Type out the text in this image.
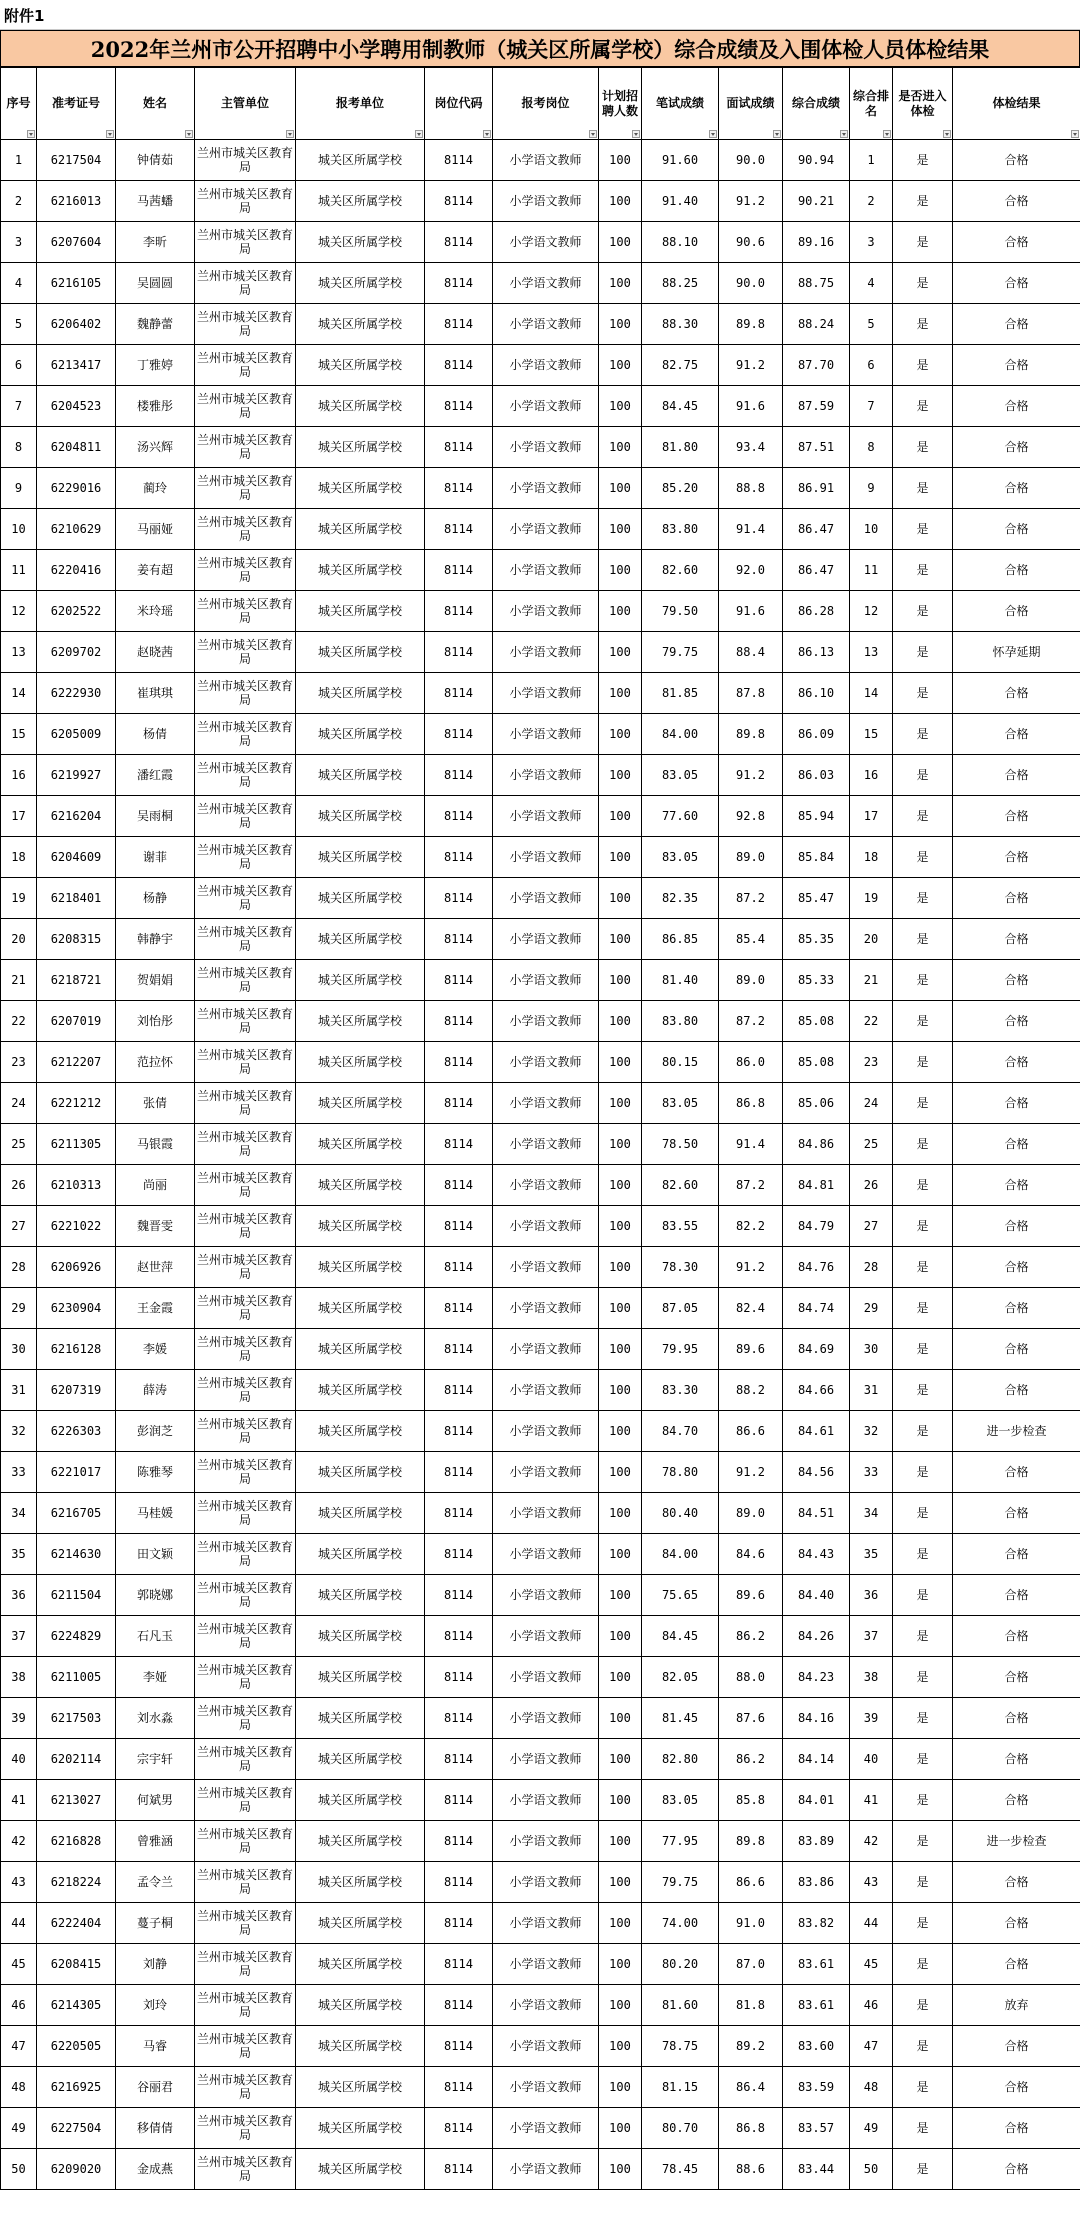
附件1
2022年兰州市公开招聘中小学聘用制教师（城关区所属学校）综合成绩及入围体检人员体检结果
序号	准考证号	姓名	主管单位	报考单位	岗位代码	报考岗位	计划招聘人数	笔试成绩	面试成绩	综合成绩	综合排名	是否进入体检	体检结果

1	6217504	钟倩茹	兰州市城关区教育局	城关区所属学校	8114	小学语文教师	100	91.60	90.0	90.94	1	是	合格
2	6216013	马茜蟠	兰州市城关区教育局	城关区所属学校	8114	小学语文教师	100	91.40	91.2	90.21	2	是	合格
3	6207604	李昕	兰州市城关区教育局	城关区所属学校	8114	小学语文教师	100	88.10	90.6	89.16	3	是	合格
4	6216105	吴圆圆	兰州市城关区教育局	城关区所属学校	8114	小学语文教师	100	88.25	90.0	88.75	4	是	合格
5	6206402	魏静蕾	兰州市城关区教育局	城关区所属学校	8114	小学语文教师	100	88.30	89.8	88.24	5	是	合格
6	6213417	丁雅婷	兰州市城关区教育局	城关区所属学校	8114	小学语文教师	100	82.75	91.2	87.70	6	是	合格
7	6204523	楼雅彤	兰州市城关区教育局	城关区所属学校	8114	小学语文教师	100	84.45	91.6	87.59	7	是	合格
8	6204811	汤兴辉	兰州市城关区教育局	城关区所属学校	8114	小学语文教师	100	81.80	93.4	87.51	8	是	合格
9	6229016	蔺玲	兰州市城关区教育局	城关区所属学校	8114	小学语文教师	100	85.20	88.8	86.91	9	是	合格
10	6210629	马丽娅	兰州市城关区教育局	城关区所属学校	8114	小学语文教师	100	83.80	91.4	86.47	10	是	合格
11	6220416	姜有超	兰州市城关区教育局	城关区所属学校	8114	小学语文教师	100	82.60	92.0	86.47	11	是	合格
12	6202522	米玲瑶	兰州市城关区教育局	城关区所属学校	8114	小学语文教师	100	79.50	91.6	86.28	12	是	合格
13	6209702	赵晓茜	兰州市城关区教育局	城关区所属学校	8114	小学语文教师	100	79.75	88.4	86.13	13	是	怀孕延期
14	6222930	崔琪琪	兰州市城关区教育局	城关区所属学校	8114	小学语文教师	100	81.85	87.8	86.10	14	是	合格
15	6205009	杨倩	兰州市城关区教育局	城关区所属学校	8114	小学语文教师	100	84.00	89.8	86.09	15	是	合格
16	6219927	潘红霞	兰州市城关区教育局	城关区所属学校	8114	小学语文教师	100	83.05	91.2	86.03	16	是	合格
17	6216204	吴雨桐	兰州市城关区教育局	城关区所属学校	8114	小学语文教师	100	77.60	92.8	85.94	17	是	合格
18	6204609	谢菲	兰州市城关区教育局	城关区所属学校	8114	小学语文教师	100	83.05	89.0	85.84	18	是	合格
19	6218401	杨静	兰州市城关区教育局	城关区所属学校	8114	小学语文教师	100	82.35	87.2	85.47	19	是	合格
20	6208315	韩静宇	兰州市城关区教育局	城关区所属学校	8114	小学语文教师	100	86.85	85.4	85.35	20	是	合格
21	6218721	贺娟娟	兰州市城关区教育局	城关区所属学校	8114	小学语文教师	100	81.40	89.0	85.33	21	是	合格
22	6207019	刘怡彤	兰州市城关区教育局	城关区所属学校	8114	小学语文教师	100	83.80	87.2	85.08	22	是	合格
23	6212207	范拉怀	兰州市城关区教育局	城关区所属学校	8114	小学语文教师	100	80.15	86.0	85.08	23	是	合格
24	6221212	张倩	兰州市城关区教育局	城关区所属学校	8114	小学语文教师	100	83.05	86.8	85.06	24	是	合格
25	6211305	马银霞	兰州市城关区教育局	城关区所属学校	8114	小学语文教师	100	78.50	91.4	84.86	25	是	合格
26	6210313	尚丽	兰州市城关区教育局	城关区所属学校	8114	小学语文教师	100	82.60	87.2	84.81	26	是	合格
27	6221022	魏晋雯	兰州市城关区教育局	城关区所属学校	8114	小学语文教师	100	83.55	82.2	84.79	27	是	合格
28	6206926	赵世萍	兰州市城关区教育局	城关区所属学校	8114	小学语文教师	100	78.30	91.2	84.76	28	是	合格
29	6230904	王金霞	兰州市城关区教育局	城关区所属学校	8114	小学语文教师	100	87.05	82.4	84.74	29	是	合格
30	6216128	李媛	兰州市城关区教育局	城关区所属学校	8114	小学语文教师	100	79.95	89.6	84.69	30	是	合格
31	6207319	薛涛	兰州市城关区教育局	城关区所属学校	8114	小学语文教师	100	83.30	88.2	84.66	31	是	合格
32	6226303	彭润芝	兰州市城关区教育局	城关区所属学校	8114	小学语文教师	100	84.70	86.6	84.61	32	是	进一步检查
33	6221017	陈雅琴	兰州市城关区教育局	城关区所属学校	8114	小学语文教师	100	78.80	91.2	84.56	33	是	合格
34	6216705	马桂媛	兰州市城关区教育局	城关区所属学校	8114	小学语文教师	100	80.40	89.0	84.51	34	是	合格
35	6214630	田文颖	兰州市城关区教育局	城关区所属学校	8114	小学语文教师	100	84.00	84.6	84.43	35	是	合格
36	6211504	郭晓娜	兰州市城关区教育局	城关区所属学校	8114	小学语文教师	100	75.65	89.6	84.40	36	是	合格
37	6224829	石凡玉	兰州市城关区教育局	城关区所属学校	8114	小学语文教师	100	84.45	86.2	84.26	37	是	合格
38	6211005	李娅	兰州市城关区教育局	城关区所属学校	8114	小学语文教师	100	82.05	88.0	84.23	38	是	合格
39	6217503	刘水淼	兰州市城关区教育局	城关区所属学校	8114	小学语文教师	100	81.45	87.6	84.16	39	是	合格
40	6202114	宗宇轩	兰州市城关区教育局	城关区所属学校	8114	小学语文教师	100	82.80	86.2	84.14	40	是	合格
41	6213027	何斌男	兰州市城关区教育局	城关区所属学校	8114	小学语文教师	100	83.05	85.8	84.01	41	是	合格
42	6216828	曾雅涵	兰州市城关区教育局	城关区所属学校	8114	小学语文教师	100	77.95	89.8	83.89	42	是	进一步检查
43	6218224	孟令兰	兰州市城关区教育局	城关区所属学校	8114	小学语文教师	100	79.75	86.6	83.86	43	是	合格
44	6222404	蔓子桐	兰州市城关区教育局	城关区所属学校	8114	小学语文教师	100	74.00	91.0	83.82	44	是	合格
45	6208415	刘静	兰州市城关区教育局	城关区所属学校	8114	小学语文教师	100	80.20	87.0	83.61	45	是	合格
46	6214305	刘玲	兰州市城关区教育局	城关区所属学校	8114	小学语文教师	100	81.60	81.8	83.61	46	是	放弃
47	6220505	马睿	兰州市城关区教育局	城关区所属学校	8114	小学语文教师	100	78.75	89.2	83.60	47	是	合格
48	6216925	谷丽君	兰州市城关区教育局	城关区所属学校	8114	小学语文教师	100	81.15	86.4	83.59	48	是	合格
49	6227504	移倩倩	兰州市城关区教育局	城关区所属学校	8114	小学语文教师	100	80.70	86.8	83.57	49	是	合格
50	6209020	金成燕	兰州市城关区教育局	城关区所属学校	8114	小学语文教师	100	78.45	88.6	83.44	50	是	合格
